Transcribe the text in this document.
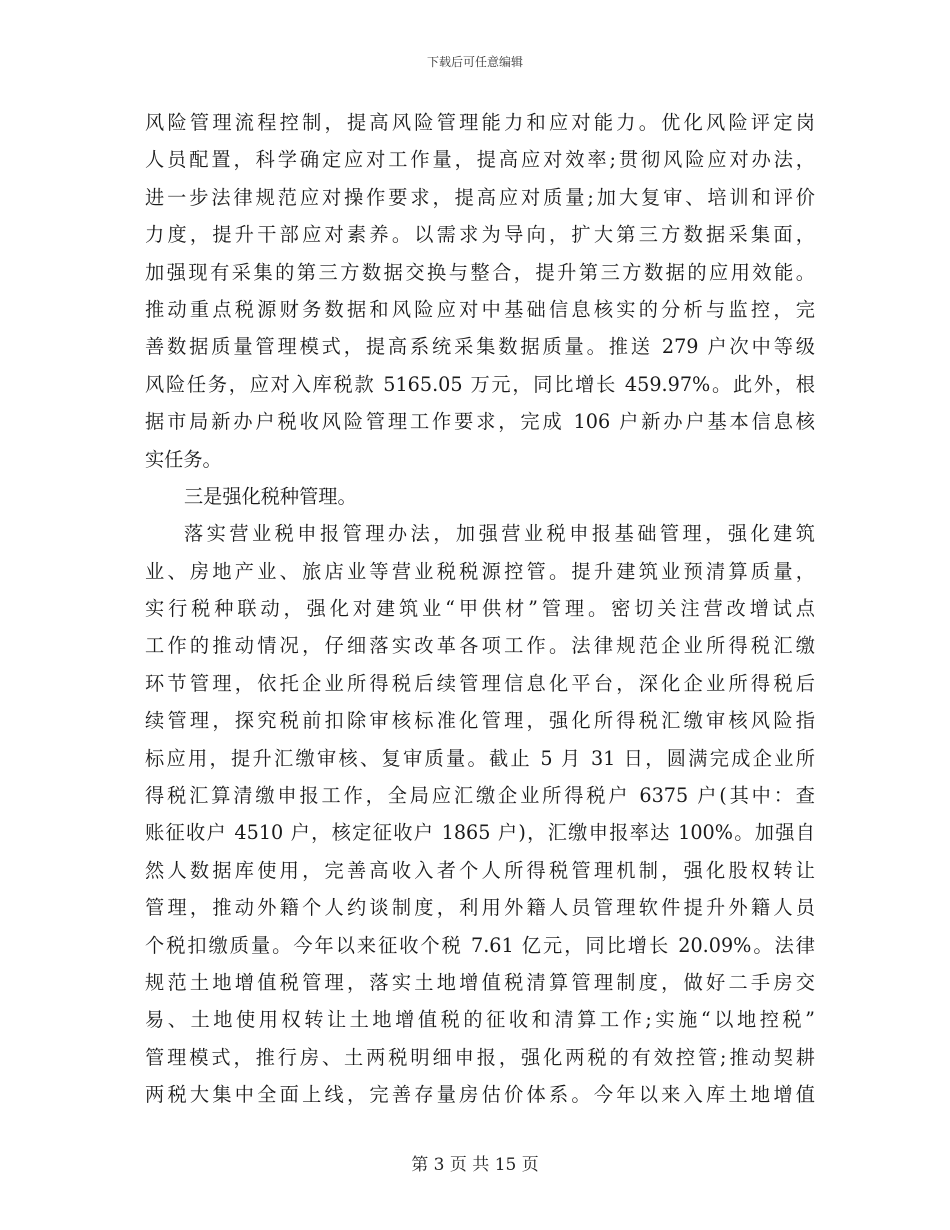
下载后可任意编辑
风险管理流程控制，提高风险管理能力和应对能力。优化风险评定岗
人员配置，科学确定应对工作量，提高应对效率;贯彻风险应对办法，
进一步法律规范应对操作要求，提高应对质量;加大复审、培训和评价
力度，提升干部应对素养。以需求为导向，扩大第三方数据采集面，
加强现有采集的第三方数据交换与整合，提升第三方数据的应用效能。
推动重点税源财务数据和风险应对中基础信息核实的分析与监控，完
善数据质量管理模式，提高系统采集数据质量。推送 279 户次中等级
风险任务，应对入库税款 5165.05 万元，同比增长 459.97%。此外，根
据市局新办户税收风险管理工作要求，完成 106 户新办户基本信息核
实任务。
三是强化税种管理。
落实营业税申报管理办法，加强营业税申报基础管理，强化建筑
业、房地产业、旅店业等营业税税源控管。提升建筑业预清算质量，
实行税种联动，强化对建筑业“甲供材”管理。密切关注营改增试点
工作的推动情况，仔细落实改革各项工作。法律规范企业所得税汇缴
环节管理，依托企业所得税后续管理信息化平台，深化企业所得税后
续管理，探究税前扣除审核标准化管理，强化所得税汇缴审核风险指
标应用，提升汇缴审核、复审质量。截止 5 月 31 日，圆满完成企业所
得税汇算清缴申报工作，全局应汇缴企业所得税户 6375 户(其中：查
账征收户 4510 户，核定征收户 1865 户)，汇缴申报率达 100%。加强自
然人数据库使用，完善高收入者个人所得税管理机制，强化股权转让
管理，推动外籍个人约谈制度，利用外籍人员管理软件提升外籍人员
个税扣缴质量。今年以来征收个税 7.61 亿元，同比增长 20.09%。法律
规范土地增值税管理，落实土地增值税清算管理制度，做好二手房交
易、土地使用权转让土地增值税的征收和清算工作;实施“以地控税”
管理模式，推行房、土两税明细申报，强化两税的有效控管;推动契耕
两税大集中全面上线，完善存量房估价体系。今年以来入库土地增值
第 3 页 共 15 页
